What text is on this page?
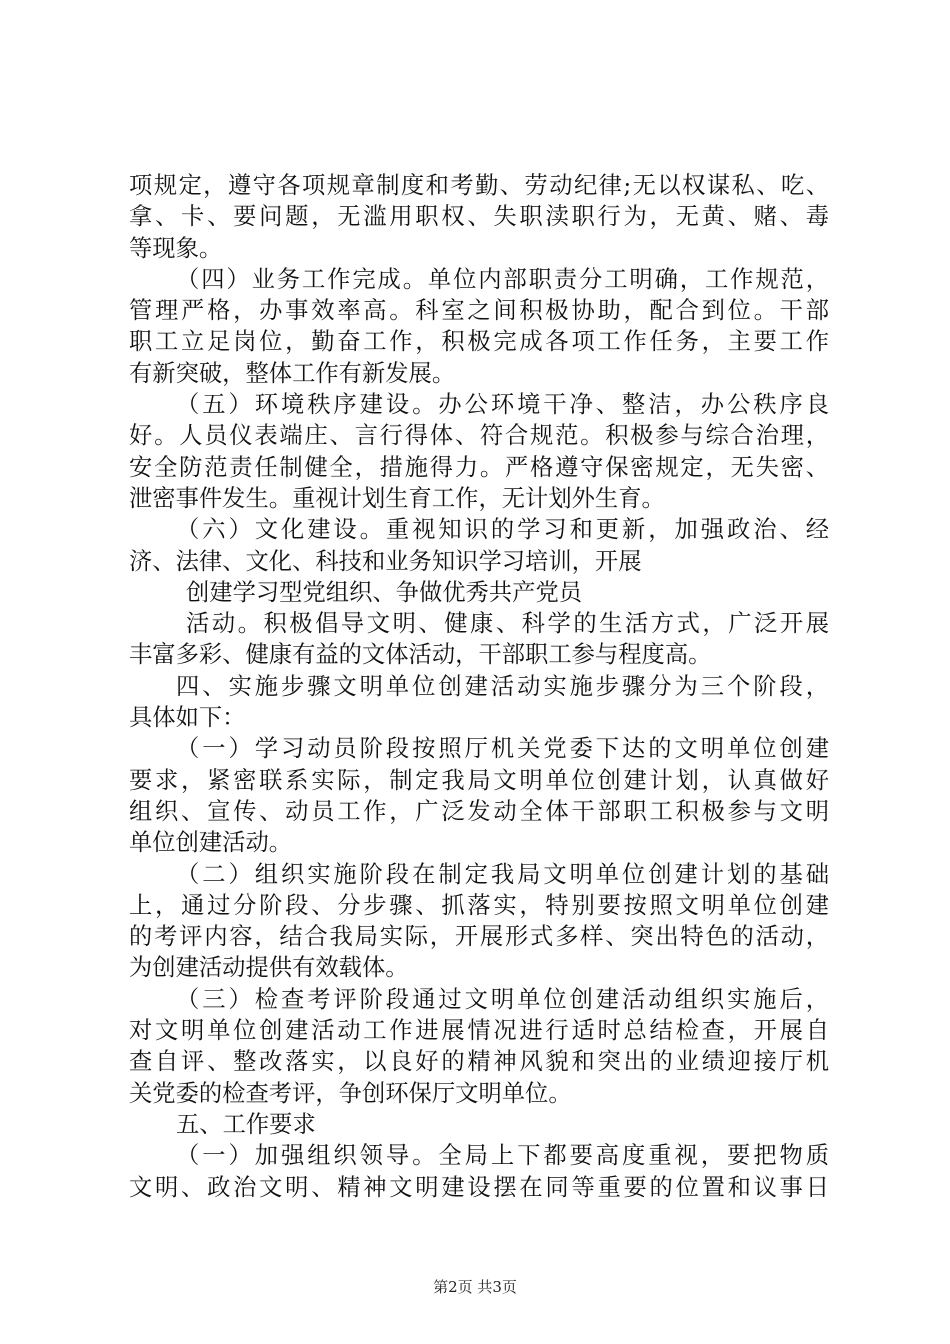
项规定，遵守各项规章制度和考勤、劳动纪律;无以权谋私、吃、
拿、卡、要问题，无滥用职权、失职渎职行为，无黄、赌、毒
等现象。
（四）业务工作完成。单位内部职责分工明确，工作规范，
管理严格，办事效率高。科室之间积极协助，配合到位。干部
职工立足岗位，勤奋工作，积极完成各项工作任务，主要工作
有新突破，整体工作有新发展。
（五）环境秩序建设。办公环境干净、整洁，办公秩序良
好。人员仪表端庄、言行得体、符合规范。积极参与综合治理，
安全防范责任制健全，措施得力。严格遵守保密规定，无失密、
泄密事件发生。重视计划生育工作，无计划外生育。
（六）文化建设。重视知识的学习和更新，加强政治、经
济、法律、文化、科技和业务知识学习培训，开展
创建学习型党组织、争做优秀共产党员
活动。积极倡导文明、健康、科学的生活方式，广泛开展
丰富多彩、健康有益的文体活动，干部职工参与程度高。
四、实施步骤文明单位创建活动实施步骤分为三个阶段，
具体如下：
（一）学习动员阶段按照厅机关党委下达的文明单位创建
要求，紧密联系实际，制定我局文明单位创建计划，认真做好
组织、宣传、动员工作，广泛发动全体干部职工积极参与文明
单位创建活动。
（二）组织实施阶段在制定我局文明单位创建计划的基础
上，通过分阶段、分步骤、抓落实，特别要按照文明单位创建
的考评内容，结合我局实际，开展形式多样、突出特色的活动，
为创建活动提供有效载体。
（三）检查考评阶段通过文明单位创建活动组织实施后，
对文明单位创建活动工作进展情况进行适时总结检查，开展自
查自评、整改落实，以良好的精神风貌和突出的业绩迎接厅机
关党委的检查考评，争创环保厅文明单位。
五、工作要求
（一）加强组织领导。全局上下都要高度重视，要把物质
文明、政治文明、精神文明建设摆在同等重要的位置和议事日
第2页 共3页
